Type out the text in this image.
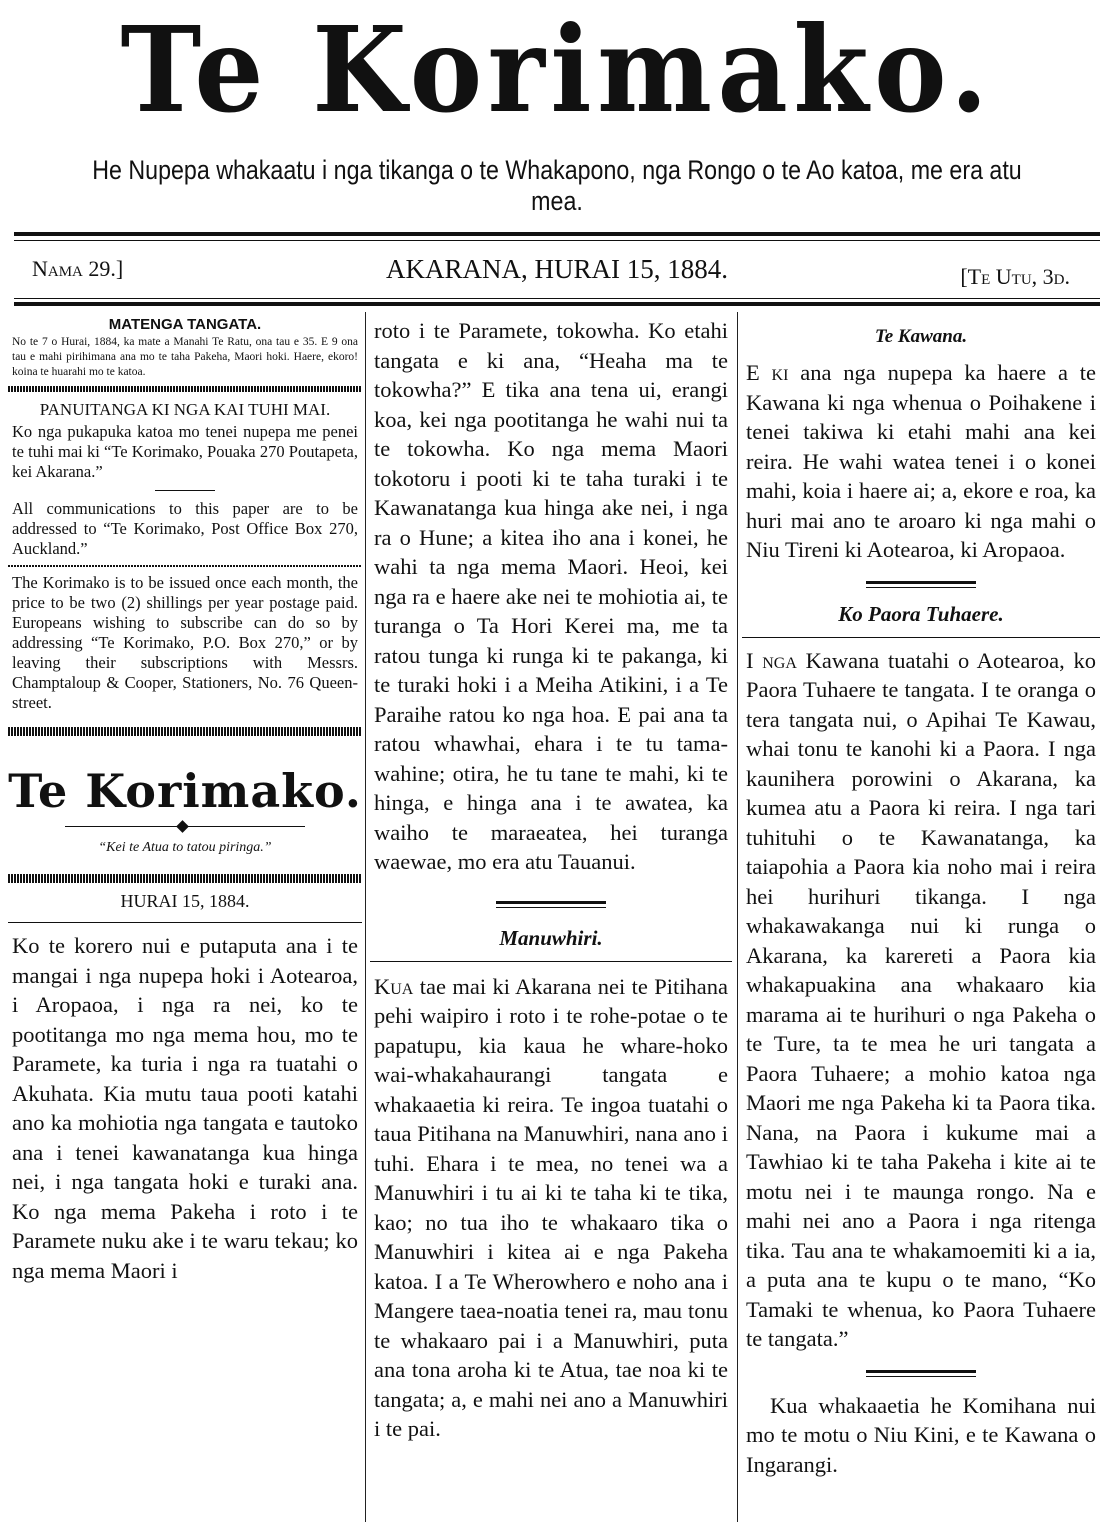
Te Korimako.
He Nupepa whakaatu i nga tikanga o te Whakapono, nga Rongo o te Ao katoa, me era atu mea.
Nama 29.]	AKARANA, HURAI 15, 1884.	[Te Utu, 3d.
MATENGA TANGATA.

No te 7 o Hurai, 1884, ka mate a Manahi Te Ratu, ona tau e 35. E 9 ona tau e mahi pirihimana ana mo te taha Pakeha, Maori hoki. Haere, ekoro! koina te huarahi mo te katoa.

PANUITANGA KI NGA KAI TUHI MAI.

Ko nga pukapuka katoa mo tenei nupepa me penei te tuhi mai ki “Te Korimako, Pouaka 270 Poutapeta, kei Akarana.”

All communications to this paper are to be addressed to “Te Korimako, Post Office Box 270, Auckland.”

The Korimako is to be issued once each month, the price to be two (2) shillings per year postage paid. Europeans wishing to subscribe can do so by addressing “Te Korimako, P.O. Box 270,” or by leaving their subscriptions with Messrs. Champtaloup & Cooper, Stationers, No. 76 Queen-street.

Te Korimako.
“Kei te Atua to tatou piringa.”
HURAI 15, 1884.

Ko te korero nui e putaputa ana i te mangai i nga nupepa hoki i Aotearoa, i Aropaoa, i nga ra nei, ko te pootitanga mo nga mema hou, mo te Paramete, ka turia i nga ra tuatahi o Akuhata. Kia mutu taua pooti katahi ano ka mohiotia nga tangata e tautoko ana i tenei kawanatanga kua hinga nei, i nga tangata hoki e turaki ana. Ko nga mema Pakeha i roto i te Paramete nuku ake i te waru tekau; ko nga mema Maori i

roto i te Paramete, tokowha. Ko etahi tangata e ki ana, “Heaha ma te tokowha?” E tika ana tena ui, erangi koa, kei nga pootitanga he wahi nui ta te tokowha. Ko nga mema Maori tokotoru i pooti ki te taha turaki i te Kawanatanga kua hinga ake nei, i nga ra o Hune; a kitea iho ana i konei, he wahi ta nga mema Maori. Heoi, kei nga ra e haere ake nei te mohiotia ai, te turanga o Ta Hori Kerei ma, me ta ratou tunga ki runga ki te pakanga, ki te turaki hoki i a Meiha Atikini, i a Te Paraihe ratou ko nga hoa. E pai ana ta ratou whawhai, ehara i te tu tama-wahine; otira, he tu tane te mahi, ki te hinga, e hinga ana i te awatea, ka waiho te maraeatea, hei turanga waewae, mo era atu Tauanui.

Manuwhiri.

Kua tae mai ki Akarana nei te Pitihana pehi waipiro i roto i te rohe-potae o te papatupu, kia kaua he whare-hoko wai-whakahaurangi tangata e whakaaetia ki reira. Te ingoa tuatahi o taua Pitihana na Manuwhiri, nana ano i tuhi. Ehara i te mea, no tenei wa a Manuwhiri i tu ai ki te taha ki te tika, kao; no tua iho te whakaaro tika o Manuwhiri i kitea ai e nga Pakeha katoa. I a Te Wherowhero e noho ana i Mangere taea-noatia tenei ra, mau tonu te whakaaro pai i a Manuwhiri, puta ana tona aroha ki te Atua, tae noa ki te tangata; a, e mahi nei ano a Manuwhiri i te pai.

Te Kawana.

E ki ana nga nupepa ka haere a te Kawana ki nga whenua o Poihakene i tenei takiwa ki etahi mahi ana kei reira. He wahi watea tenei i o konei mahi, koia i haere ai; a, ekore e roa, ka huri mai ano te aroaro ki nga mahi o Niu Tireni ki Aotearoa, ki Aropaoa.

Ko Paora Tuhaere.

I nga Kawana tuatahi o Aotearoa, ko Paora Tuhaere te tangata. I te oranga o tera tangata nui, o Apihai Te Kawau, whai tonu te kanohi ki a Paora. I nga kaunihera porowini o Akarana, ka kumea atu a Paora ki reira. I nga tari tuhituhi o te Kawanatanga, ka taiapohia a Paora kia noho mai i reira hei hurihuri tikanga. I nga whakawakanga nui ki runga o Akarana, ka karereti a Paora kia whakapuakina ana whakaaro kia marama ai te hurihuri o nga Pakeha o te Ture, ta te mea he uri tangata a Paora Tuhaere; a mohio katoa nga Maori me nga Pakeha ki ta Paora tika. Nana, na Paora i kukume mai a Tawhiao ki te taha Pakeha i kite ai te motu nei i te maunga rongo. Na e mahi nei ano a Paora i nga ritenga tika. Tau ana te whakamoemiti ki a ia, a puta ana te kupu o te mano, “Ko Tamaki te whenua, ko Paora Tuhaere te tangata.”

Kua whakaaetia he Komihana nui mo te motu o Niu Kini, e te Kawana o Ingarangi.
